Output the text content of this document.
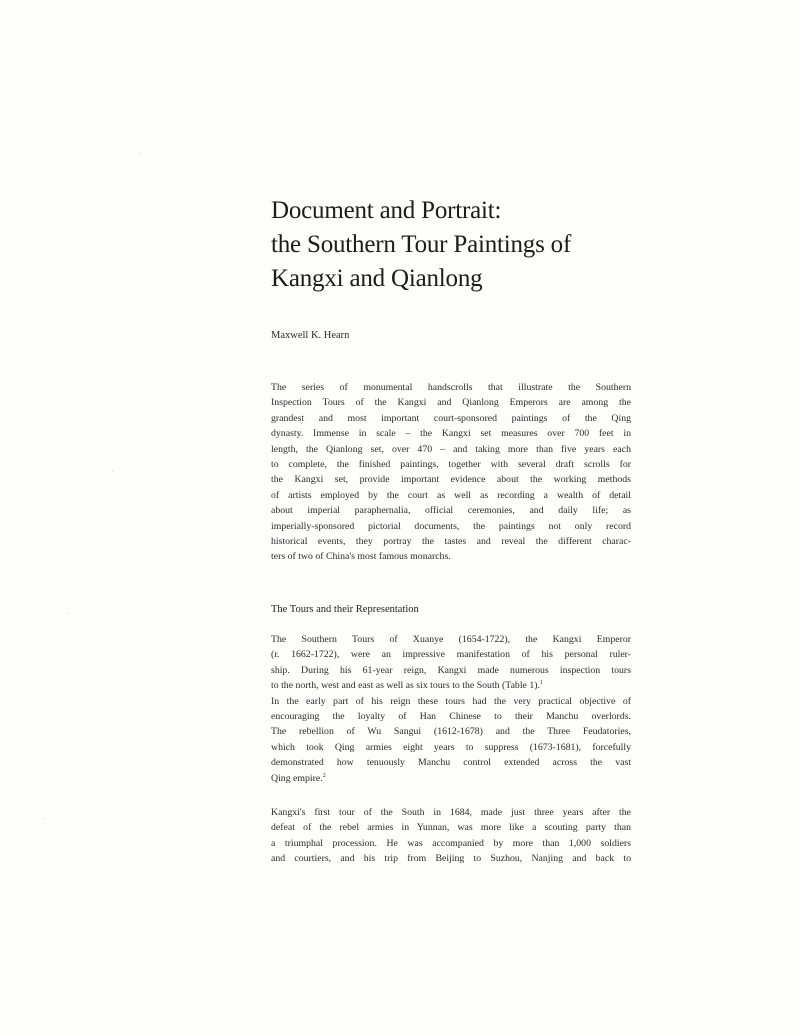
Document and Portrait:
the Southern Tour Paintings of
Kangxi and Qianlong
Maxwell K. Hearn
The series of monumental handscrolls that illustrate the Southern
Inspection Tours of the Kangxi and Qianlong Emperors are among the
grandest and most important court-sponsored paintings of the Qing
dynasty. Immense in scale – the Kangxi set measures over 700 feet in
length, the Qianlong set, over 470 – and taking more than five years each
to complete, the finished paintings, together with several draft scrolls for
the Kangxi set, provide important evidence about the working methods
of artists employed by the court as well as recording a wealth of detail
about imperial paraphernalia, official ceremonies, and daily life; as
imperially-sponsored pictorial documents, the paintings not only record
historical events, they portray the tastes and reveal the different charac-
ters of two of China's most famous monarchs.
The Tours and their Representation
The Southern Tours of Xuanye (1654-1722), the Kangxi Emperor
(r. 1662-1722), were an impressive manifestation of his personal ruler-
ship. During his 61-year reign, Kangxi made numerous inspection tours
to the north, west and east as well as six tours to the South (Table 1).$^1$
In the early part of his reign these tours had the very practical objective of
encouraging the loyalty of Han Chinese to their Manchu overlords.
The rebellion of Wu Sangui (1612-1678) and the Three Feudatories,
which took Qing armies eight years to suppress (1673-1681), forcefully
demonstrated how tenuously Manchu control extended across the vast
Qing empire.$^2$
Kangxi's first tour of the South in 1684, made just three years after the
defeat of the rebel armies in Yunnan, was more like a scouting party than
a triumphal procession. He was accompanied by more than 1,000 soldiers
and courtiers, and his trip from Beijing to Suzhou, Nanjing and back to
